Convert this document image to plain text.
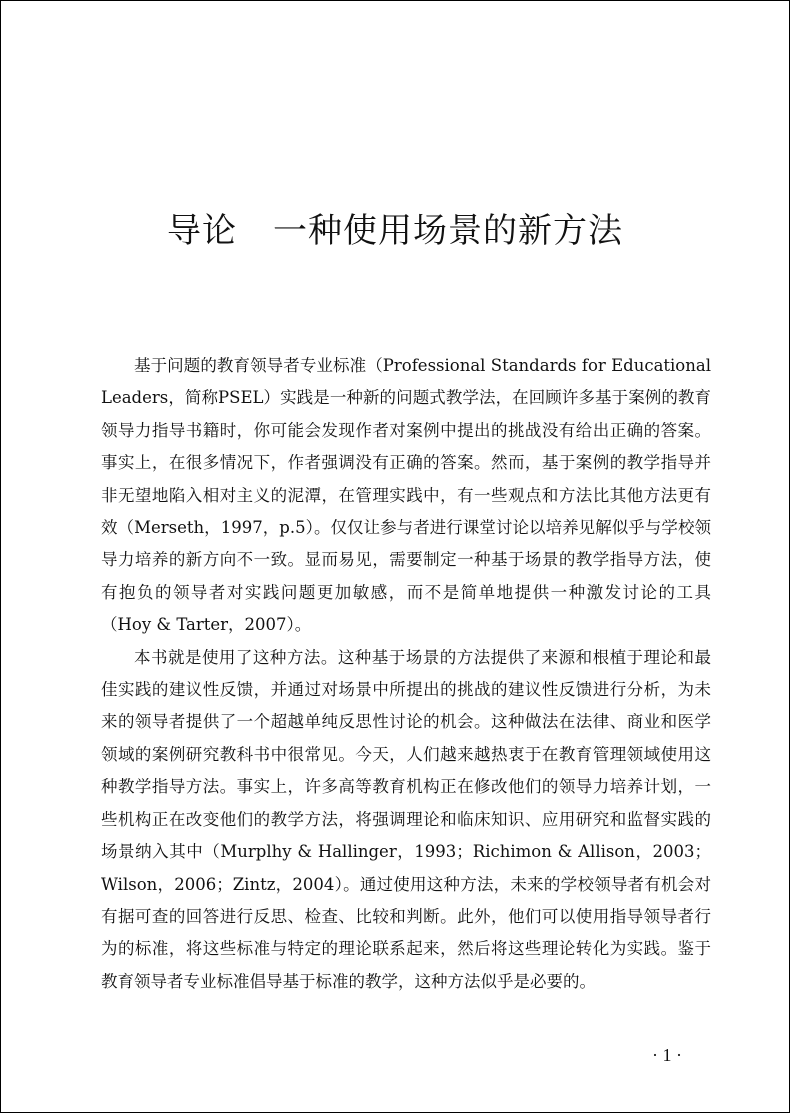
导论 一种使用场景的新方法

基于问题的教育领导者专业标准（Professional Standards for Educational Leaders，简称PSEL）实践是一种新的问题式教学法，在回顾许多基于案例的教育领导力指导书籍时，你可能会发现作者对案例中提出的挑战没有给出正确的答案。事实上，在很多情况下，作者强调没有正确的答案。然而，基于案例的教学指导并非无望地陷入相对主义的泥潭，在管理实践中，有一些观点和方法比其他方法更有效（Merseth，1997，p.5）。仅仅让参与者进行课堂讨论以培养见解似乎与学校领导力培养的新方向不一致。显而易见，需要制定一种基于场景的教学指导方法，使有抱负的领导者对实践问题更加敏感，而不是简单地提供一种激发讨论的工具（Hoy & Tarter，2007）。

本书就是使用了这种方法。这种基于场景的方法提供了来源和根植于理论和最佳实践的建议性反馈，并通过对场景中所提出的挑战的建议性反馈进行分析，为未来的领导者提供了一个超越单纯反思性讨论的机会。这种做法在法律、商业和医学领域的案例研究教科书中很常见。今天，人们越来越热衷于在教育管理领域使用这种教学指导方法。事实上，许多高等教育机构正在修改他们的领导力培养计划，一些机构正在改变他们的教学方法，将强调理论和临床知识、应用研究和监督实践的场景纳入其中（Murplhy & Hallinger，1993；Richimon & Allison，2003；Wilson，2006；Zintz，2004）。通过使用这种方法，未来的学校领导者有机会对有据可查的回答进行反思、检查、比较和判断。此外，他们可以使用指导领导者行为的标准，将这些标准与特定的理论联系起来，然后将这些理论转化为实践。鉴于教育领导者专业标准倡导基于标准的教学，这种方法似乎是必要的。

· 1 ·
